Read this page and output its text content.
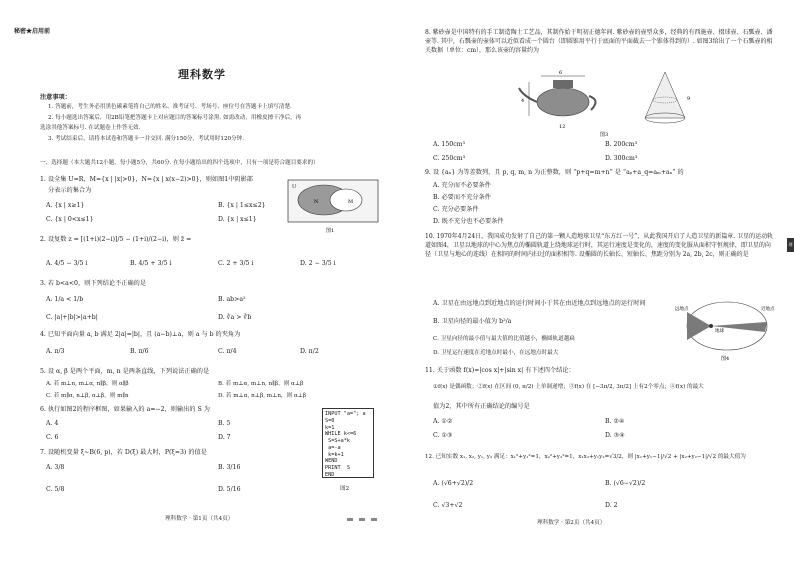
秘密★启用前
理科数学
注意事项：
1. 答题前，考生务必用黑色碳素笔将自己的姓名、准考证号、考场号、座位号在答题卡上填写清楚.
2. 每小题选出答案后，用2B铅笔把答题卡上对应题目的答案标号涂黑. 如需改动，用橡皮擦干净后，再
选涂其他答案标号. 在试题卷上作答无效.
3. 考试结束后，请将本试卷和答题卡一并交回. 满分150分，考试用时120分钟.
一、选择题（本大题共12小题，每小题5分，共60分. 在每小题给出的四个选项中，只有一项是符合题目要求的）
1. 设全集 U=R，M={x | |x|>0}，N={x | x(x−2)>0}，则如图1中阴影部
分表示的集合为
A. {x | x≥1}	B. {x | 1≤x≤2}
C. {x | 0<x≤1}	D. {x | x≤1}
U
N	M
图1
2. 设复数 z = [(1+i)(2−i)]/5 − (1+i)/(2−i)，则 z̄ =
A. 4/5 − 3/5 i	B. 4/5 + 3/5 i	C. 2 + 3/5 i	D. 2 − 3/5 i
3. 若 b<a<0，则下列结论不正确的是
A. 1/a < 1/b	B. ab>a²
C. |a|+|b|>|a+b|	D. ∛a > ∛b
4. 已知平面向量 a, b 满足 2|a|=|b|，且 (a−b)⊥a，则 a 与 b 的夹角为
A. π/3	B. π/6	C. π/4	D. π/2
5. 设 α, β 是两个平面，m, n 是两条直线，下列说法正确的是
A. 若 m⊥n, m⊥α, n∥β，则 α∥β	B. 若 m⊥α, m⊥n, n∥β，则 α⊥β
C. 若 m∥α, n⊥β, α⊥β，则 m∥n	D. 若 m⊥α, n⊥β, m⊥n，则 α⊥β
6. 执行如图2的程序框图，如果输入的 a=−2，则输出的 S 为
A. 4	B. 5
C. 6	D. 7
7. 设随机变量 ξ~B(6, p)，若 D(ξ) 最大时，P(ξ=3) 的值是
A. 3/8	B. 3/16
C. 5/8	D. 5/16
INPUT "a="; a
S=0
k=1
WHILE k<=6
S=S+a*k
a=-a
k=k+1
WEND
PRINT  S
END
图2
理科数学 · 第1页（共4页）
8. 紫砂壶是中国特有的手工制造陶土工艺品，其制作始于明初正德年间. 紫砂壶的壶型众多，经典的有西施壶、掇球壶、石瓢壶、潘壶等. 其中，石瓢壶的壶体可以近似看成一个圆台（即圆锥用平行于底面的平面截去一个锥体得到的）. 如图3给出了一个石瓢壶的相关数据（单位：cm），那么该壶的容量约为
4
6
12
9
图3
A. 150cm³	B. 200cm³
C. 250cm³	D. 300cm³
9. 设 {aₙ} 为等差数列，且 p, q, m, n 为正整数，则 “p+q=m+n” 是 “aₚ+a_q=aₘ+aₙ” 的
A. 充分而不必要条件
B. 必要而不充分条件
C. 充分必要条件
D. 既不充分也不必要条件
10. 1970年4月24日，我国成功发射了自己的第一颗人造地球卫星“东方红一号”，从此我国开启了人造卫星的新篇章. 卫星的运动轨道如图4，卫星以地球的中心为焦点的椭圆轨道上绕地球运行时，其运行速度是变化的，速度的变化服从面积守恒规律，即卫星的向径（卫星与地心的连线）在相同的时间内扫过的面积相等. 设椭圆的长轴长、短轴长、焦距分别为 2a, 2b, 2c，则正确的是
A. 卫星在由远地点到近地点的运行时间小于其在由近地点到远地点的运行时间
B. 卫星向径的最小值为 b²/a
C. 卫星向径的最小值与最大值的比值越小，椭圆轨道越扁
D. 卫星运行速度在近地点时最小，在远地点时最大
远地点	近地点
地球
图4
11. 关于函数 f(x)=|cos x|+|sin x| 有下述四个结论：
①f(x) 是偶函数；②f(x) 在区间 (0, π/2) 上单调递增；③f(x) 在 [−3π/2, 3π/2] 上有2个零点；④f(x) 的最大
值为2，其中所有正确结论的编号是
A. ①②	B. ②④
C. ①③	D. ③④
12. 已知实数 x₁, x₂, y₁, y₂ 满足：x₁²+y₁²=1，x₂²+y₂²=1，x₁x₂+y₁y₂=√3/2，则 |x₁+y₁−1|/√2 + |x₂+y₂−1|/√2 的最大值为
A. (√6+√2)/2	B. (√6−√2)/2
C. √3+√2	D. 2
理科数学 · 第2页（共4页）
理
